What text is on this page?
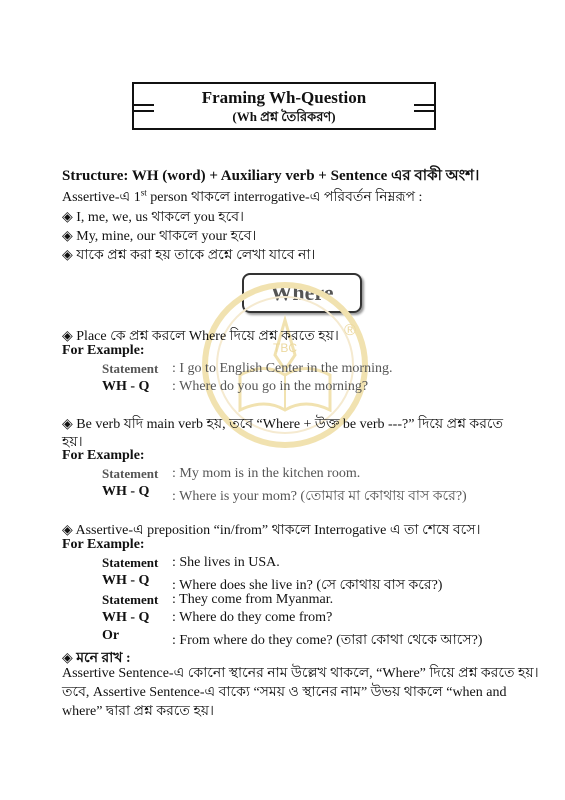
Framing Wh-Question
(Wh প্রশ্ন তৈরিকরণ)
Structure: WH (word) + Auxiliary verb + Sentence এর বাকী অংশ।
Assertive-এ 1st person থাকলে interrogative-এ পরিবর্তন নিম্নরূপ :
◈ I, me, we, us থাকলে you হবে।
◈ My, mine, our থাকলে your হবে।
◈ যাকে প্রশ্ন করা হয় তাকে প্রশ্নে লেখা যাবে না।
Where
TBC
®
◈ Place কে প্রশ্ন করলে Where দিয়ে প্রশ্ন করতে হয়।
For Example:
Statement : I go to English Center in the morning.
WH - Q : Where do you go in the morning?
◈ Be verb যদি main verb হয়, তবে “Where + উক্ত be verb ---?” দিয়ে প্রশ্ন করতে
হয়।
For Example:
Statement : My mom is in the kitchen room.
WH - Q : Where is your mom? (তোমার মা কোথায় বাস করে?)
◈ Assertive-এ preposition “in/from” থাকলে Interrogative এ তা শেষে বসে।
For Example:
Statement : She lives in USA.
WH - Q : Where does she live in? (সে কোথায় বাস করে?)
Statement : They come from Myanmar.
WH - Q : Where do they come from?
Or	: From where do they come? (তারা কোথা থেকে আসে?)
◈ মনে রাখ :
Assertive Sentence-এ কোনো স্থানের নাম উল্লেখ থাকলে, “Where” দিয়ে প্রশ্ন করতে হয়।
তবে, Assertive Sentence-এ বাক্যে “সময় ও স্থানের নাম” উভয় থাকলে “when and
where” দ্বারা প্রশ্ন করতে হয়।
